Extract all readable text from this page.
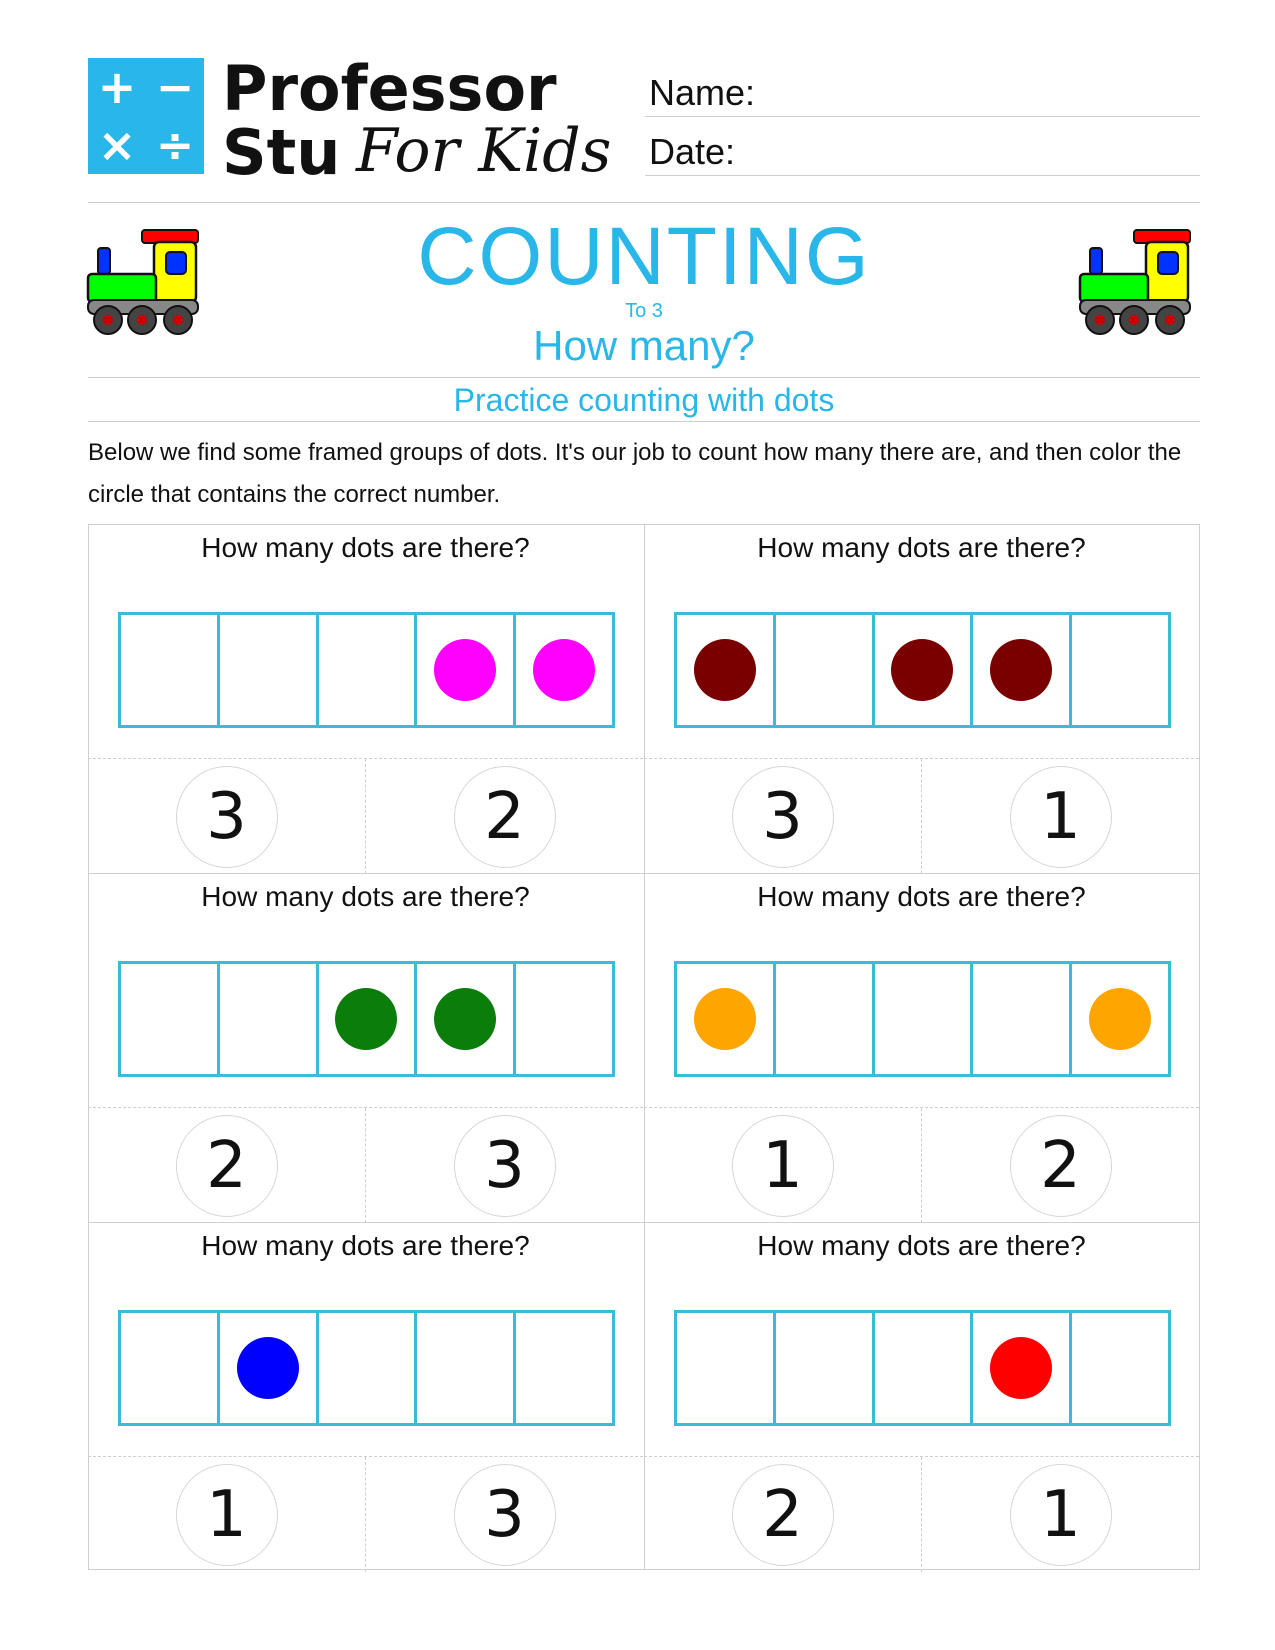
+ −
× ÷
Professor
Stu For Kids
Name:
Date:
COUNTING
To 3
How many?
Practice counting with dots
Below we find some framed groups of dots. It's our job to count how many there are, and then color the circle that contains the correct number.
How many dots are there?
3	2
How many dots are there?
3	1
How many dots are there?
2	3
How many dots are there?
1	2
How many dots are there?
1	3
How many dots are there?
2	1
